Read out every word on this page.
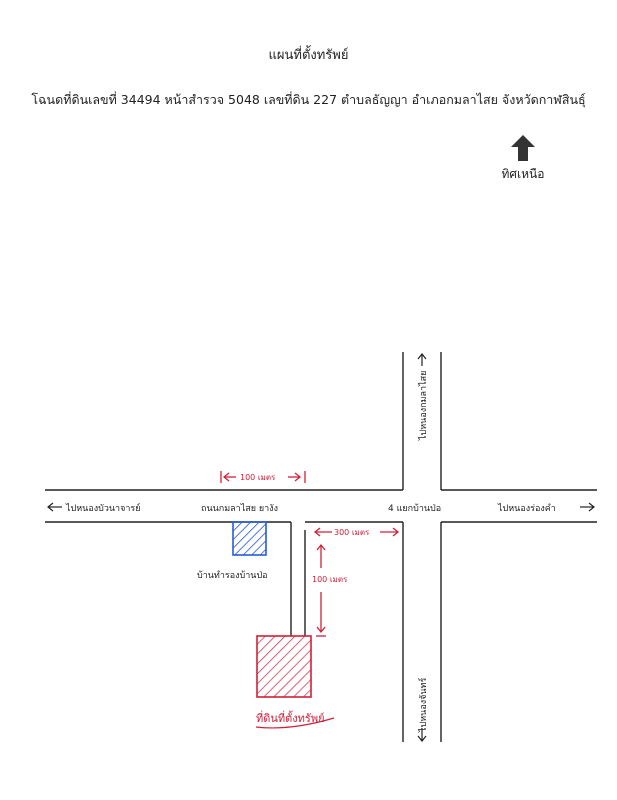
แผนที่ตั้งทรัพย์
โฉนดที่ดินเลขที่ 34494 หน้าสำรวจ 5048 เลขที่ดิน 227 ตำบลธัญญา อำเภอกมลาไสย จังหวัดกาฬสินธุ์
ทิศเหนือ
ไปหนองบัวนาจารย์	ไปหนองร่องคำ
ไปหนองกมลาไสย
ไปหนองจันทร์
ถนนกมลาไสย ยางัง	4 แยกบ้านป่อ
100 เมตร
300 เมตร
100 เมตร
บ้านทำรองบ้านป่อ
ที่ดินที่ตั้งทรัพย์
